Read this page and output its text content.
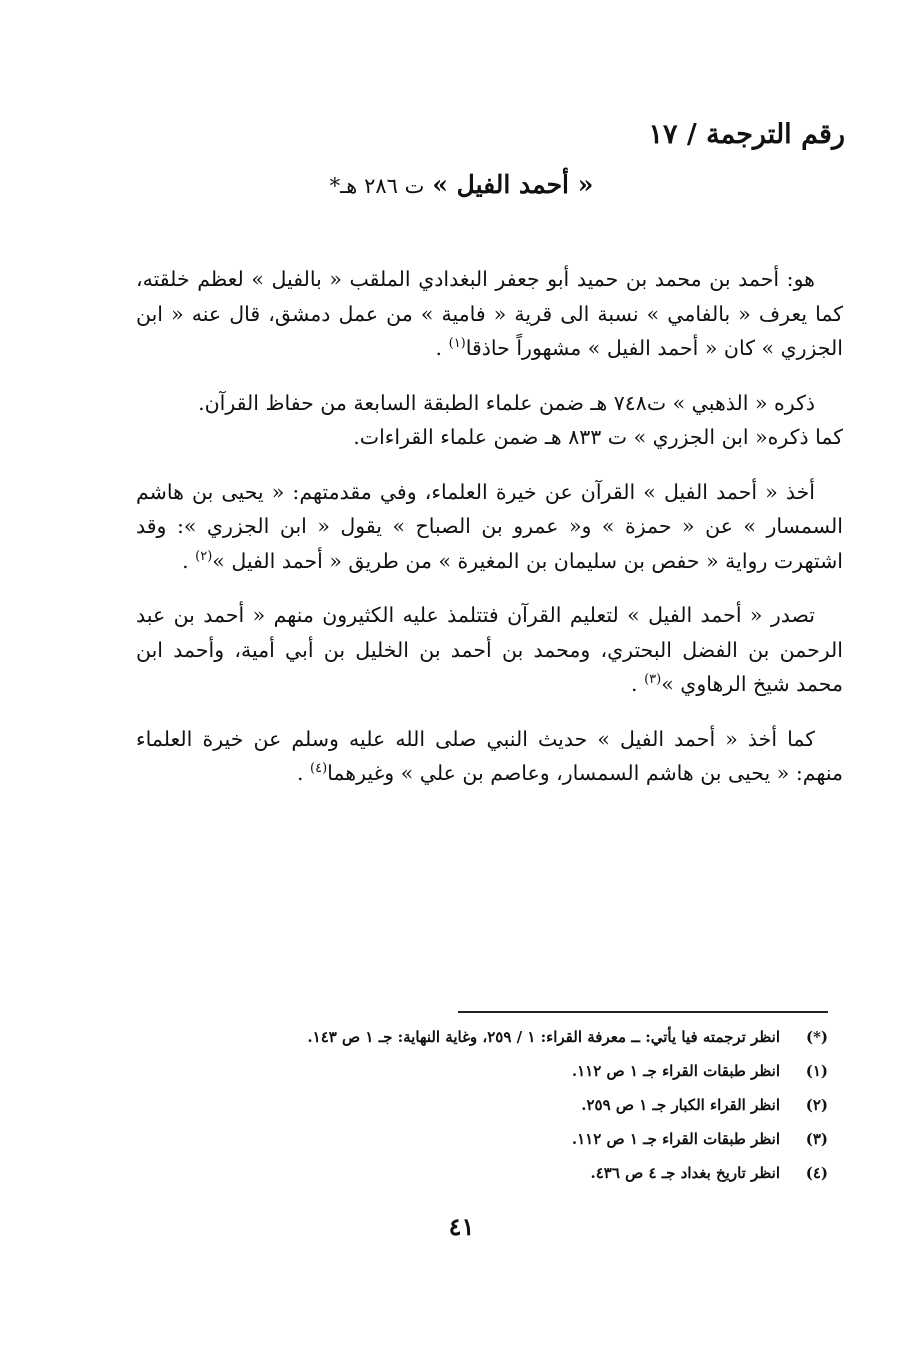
رقم الترجمة / ١٧
« أحمد الفيل » ت ٢٨٦ هـ*

هو: أحمد بن محمد بن حميد أبو جعفر البغدادي الملقب « بالفيل » لعظم خلقته، كما يعرف « بالفامي » نسبة الى قرية « فامية » من عمل دمشق، قال عنه « ابن الجزري » كان « أحمد الفيل » مشهوراً حاذقا$^{(١)}$ .

ذكره « الذهبي » ت٧٤٨ هـ ضمن علماء الطبقة السابعة من حفاظ القرآن.

كما ذكره« ابن الجزري » ت ٨٣٣ هـ ضمن علماء القراءات.

أخذ « أحمد الفيل » القرآن عن خيرة العلماء، وفي مقدمتهم: « يحيى بن هاشم السمسار » عن « حمزة » و« عمرو بن الصباح » يقول « ابن الجزري »: وقد اشتهرت رواية « حفص بن سليمان بن المغيرة » من طريق « أحمد الفيل »$^{(٢)}$ .

تصدر « أحمد الفيل » لتعليم القرآن فتتلمذ عليه الكثيرون منهم « أحمد بن عبد الرحمن بن الفضل البحتري، ومحمد بن أحمد بن الخليل بن أبي أمية، وأحمد ابن محمد شيخ الرهاوي »$^{(٣)}$ .

كما أخذ « أحمد الفيل » حديث النبي صلى الله عليه وسلم عن خيرة العلماء منهم: « يحيى بن هاشم السمسار، وعاصم بن علي » وغيرهما$^{(٤)}$ .

(*)
انظر ترجمته فيا يأتي: ــ معرفة القراء: ١ / ٢٥٩، وغاية النهاية: جـ ١ ص ١٤٣.
(١)
انظر طبقات القراء جـ ١ ص ١١٢.
(٢)
انظر القراء الكبار جـ ١ ص ٢٥٩.
(٣)
انظر طبقات القراء جـ ١ ص ١١٢.
(٤)
انظر تاريخ بغداد جـ ٤ ص ٤٣٦.
٤١
